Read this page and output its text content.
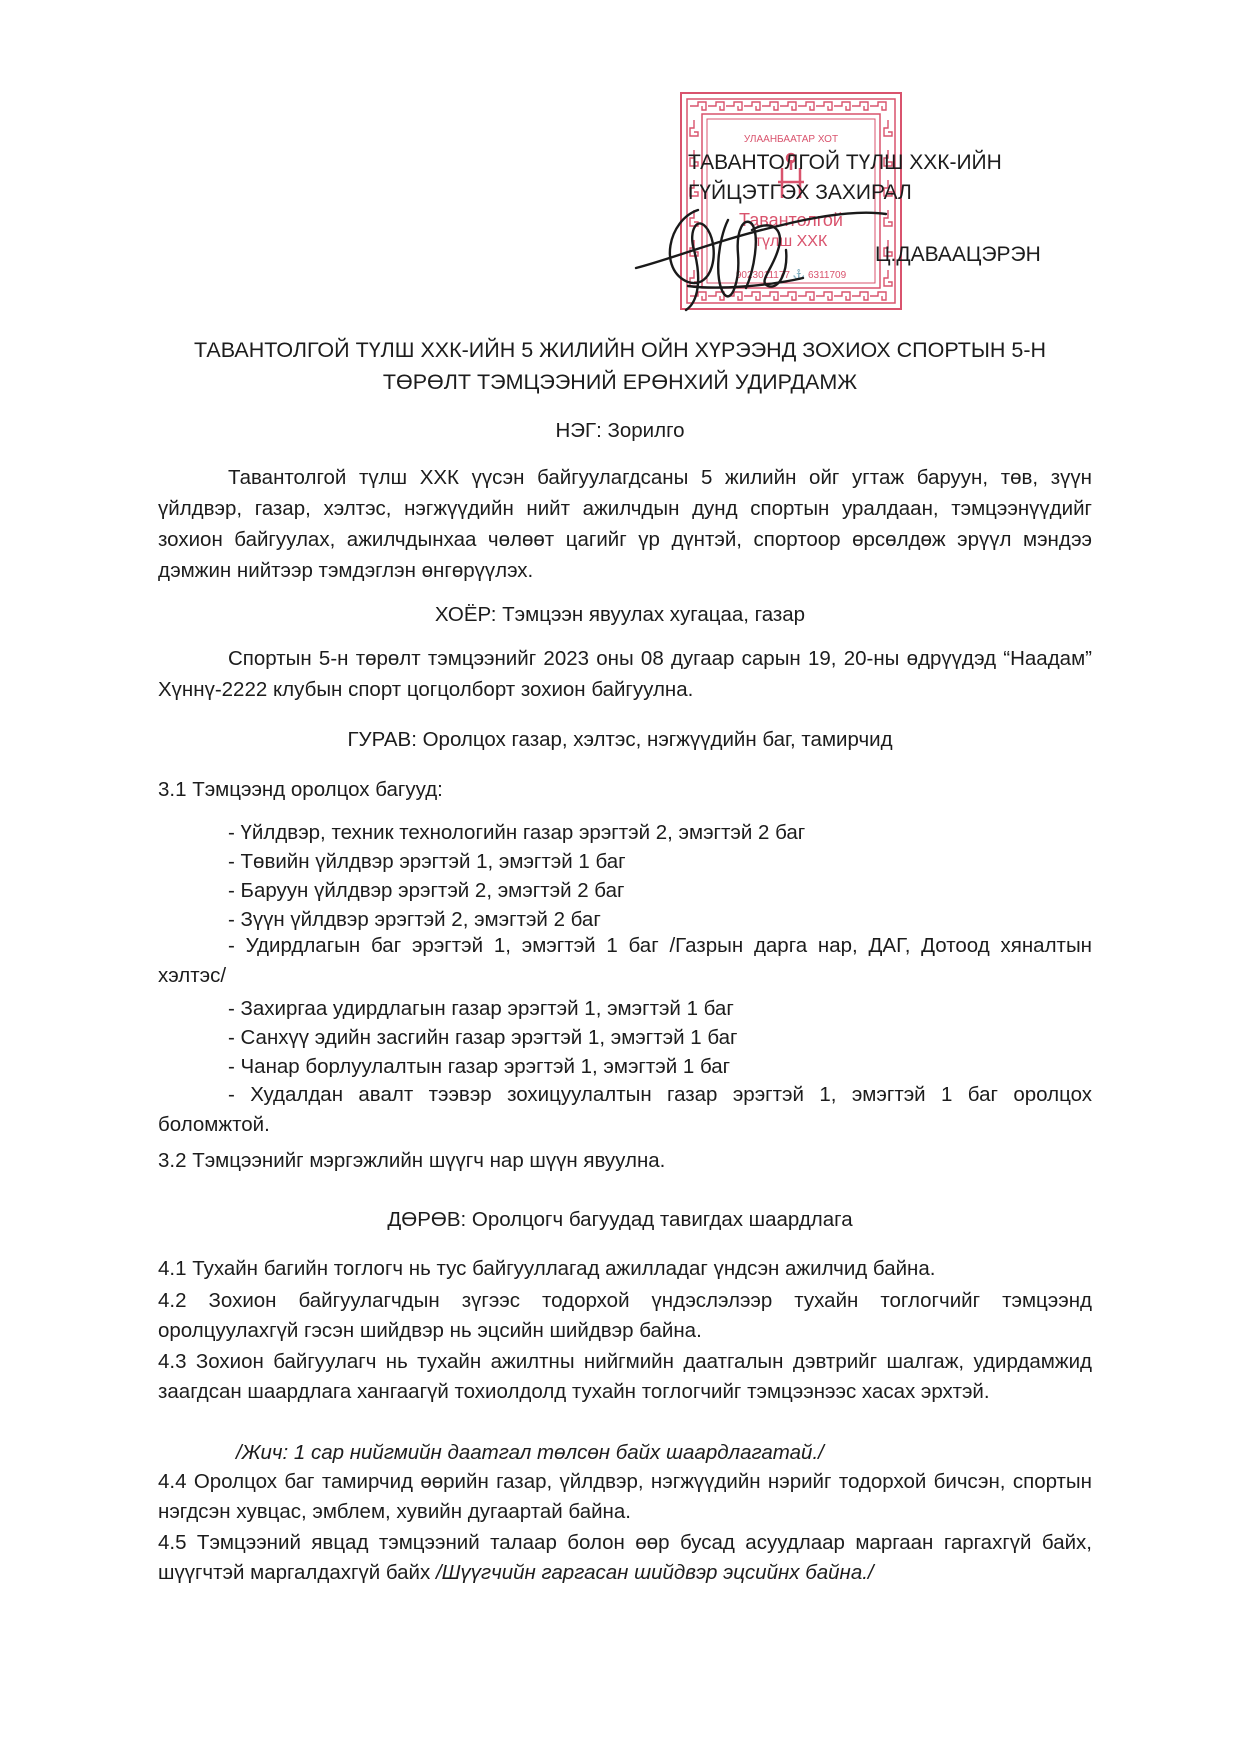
УЛААНБААТАР ХОТ
Тавантолгой
түлш ХХК
9023011177 ⚓ 6311709
ТАВАНТОЛГОЙ ТҮЛШ ХХК-ИЙН
ГҮЙЦЭТГЭХ ЗАХИРАЛ
Ц.ДАВААЦЭРЭН
ТАВАНТОЛГОЙ ТҮЛШ ХХК-ИЙН 5 ЖИЛИЙН ОЙН ХҮРЭЭНД ЗОХИОХ СПОРТЫН 5-Н
ТӨРӨЛТ ТЭМЦЭЭНИЙ ЕРӨНХИЙ УДИРДАМЖ
НЭГ: Зорилго
Тавантолгой түлш ХХК үүсэн байгуулагдсаны 5 жилийн ойг угтаж баруун, төв, зүүн үйлдвэр, газар, хэлтэс, нэгжүүдийн нийт ажилчдын дунд спортын уралдаан, тэмцээнүүдийг зохион байгуулах, ажилчдынхаа чөлөөт цагийг үр дүнтэй, спортоор өрсөлдөж эрүүл мэндээ дэмжин нийтээр тэмдэглэн өнгөрүүлэх.
ХОЁР: Тэмцээн явуулах хугацаа, газар
Спортын 5-н төрөлт тэмцээнийг 2023 оны 08 дугаар сарын 19, 20-ны өдрүүдэд “Наадам” Хүннү-2222 клубын спорт цогцолборт зохион байгуулна.
ГУРАВ: Оролцох газар, хэлтэс, нэгжүүдийн баг, тамирчид
3.1 Тэмцээнд оролцох багууд:
- Үйлдвэр, техник технологийн газар эрэгтэй 2, эмэгтэй 2 баг
- Төвийн үйлдвэр эрэгтэй 1, эмэгтэй 1 баг
- Баруун үйлдвэр эрэгтэй 2, эмэгтэй 2 баг
- Зүүн үйлдвэр эрэгтэй 2, эмэгтэй 2 баг
- Удирдлагын баг эрэгтэй 1, эмэгтэй 1 баг /Газрын дарга нар, ДАГ, Дотоод хяналтын хэлтэс/
- Захиргаа удирдлагын газар эрэгтэй 1, эмэгтэй 1 баг
- Санхүү эдийн засгийн газар эрэгтэй 1, эмэгтэй 1 баг
- Чанар борлуулалтын газар эрэгтэй 1, эмэгтэй 1 баг
- Худалдан авалт тээвэр зохицуулалтын газар эрэгтэй 1, эмэгтэй 1 баг оролцох боломжтой.
3.2 Тэмцээнийг мэргэжлийн шүүгч нар шүүн явуулна.
ДӨРӨВ: Оролцогч багуудад тавигдах шаардлага
4.1 Тухайн багийн тоглогч нь тус байгууллагад ажилладаг үндсэн ажилчид байна.
4.2 Зохион байгуулагчдын зүгээс тодорхой үндэслэлээр тухайн тоглогчийг тэмцээнд оролцуулахгүй гэсэн шийдвэр нь эцсийн шийдвэр байна.
4.3 Зохион байгуулагч нь тухайн ажилтны нийгмийн даатгалын дэвтрийг шалгаж, удирдамжид заагдсан шаардлага хангаагүй тохиолдолд тухайн тоглогчийг тэмцээнээс хасах эрхтэй.
/Жич: 1 сар нийгмийн даатгал төлсөн байх шаардлагатай./
4.4 Оролцох баг тамирчид өөрийн газар, үйлдвэр, нэгжүүдийн нэрийг тодорхой бичсэн, спортын нэгдсэн хувцас, эмблем, хувийн дугаартай байна.
4.5 Тэмцээний явцад тэмцээний талаар болон өөр бусад асуудлаар маргаан гаргахгүй байх, шүүгчтэй маргалдахгүй байх /Шүүгчийн гаргасан шийдвэр эцсийнх байна./
